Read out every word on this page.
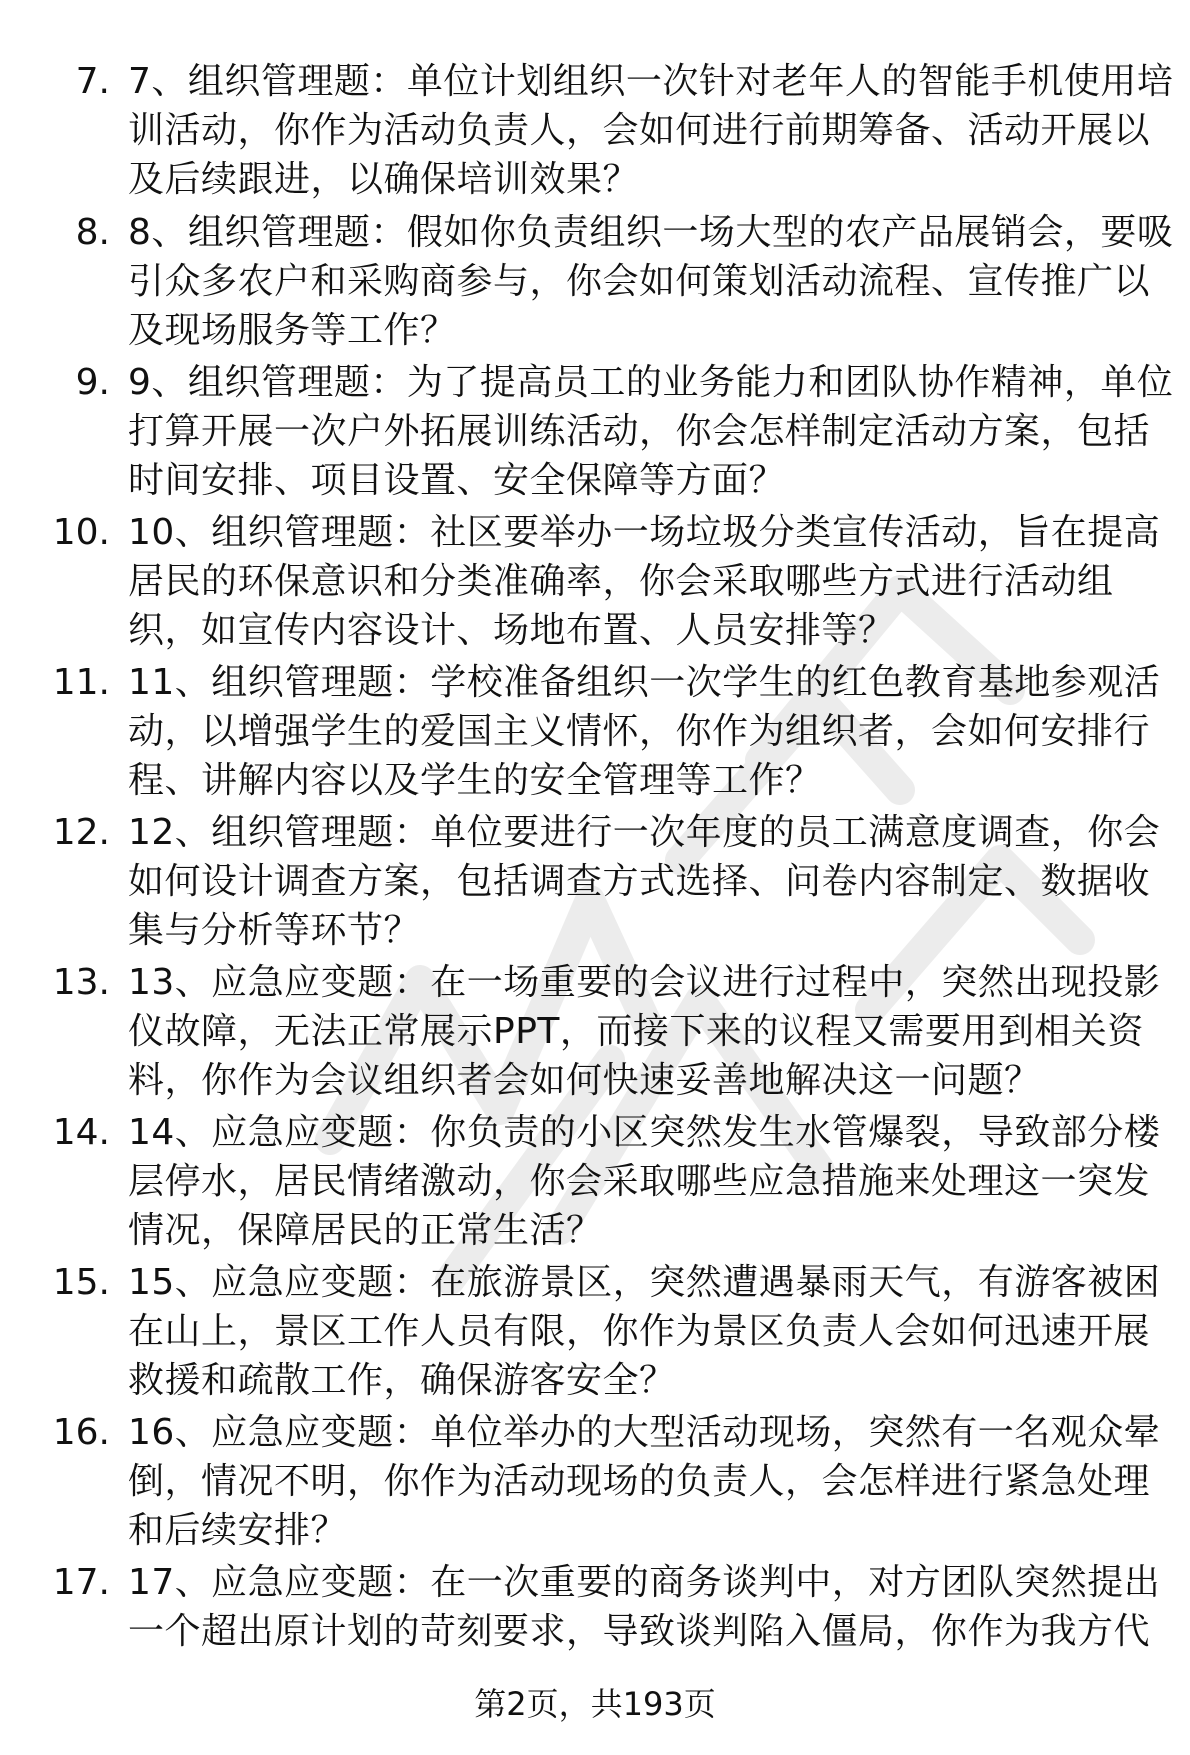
7. 7、组织管理题：单位计划组织一次针对老年人的智能手机使用培训活动，你作为活动负责人，会如何进行前期筹备、活动开展以及后续跟进，以确保培训效果？
8. 8、组织管理题：假如你负责组织一场大型的农产品展销会，要吸引众多农户和采购商参与，你会如何策划活动流程、宣传推广以及现场服务等工作？
9. 9、组织管理题：为了提高员工的业务能力和团队协作精神，单位打算开展一次户外拓展训练活动，你会怎样制定活动方案，包括时间安排、项目设置、安全保障等方面？
10. 10、组织管理题：社区要举办一场垃圾分类宣传活动，旨在提高居民的环保意识和分类准确率，你会采取哪些方式进行活动组织，如宣传内容设计、场地布置、人员安排等？
11. 11、组织管理题：学校准备组织一次学生的红色教育基地参观活动，以增强学生的爱国主义情怀，你作为组织者，会如何安排行程、讲解内容以及学生的安全管理等工作？
12. 12、组织管理题：单位要进行一次年度的员工满意度调查，你会如何设计调查方案，包括调查方式选择、问卷内容制定、数据收集与分析等环节？
13. 13、应急应变题：在一场重要的会议进行过程中，突然出现投影仪故障，无法正常展示PPT，而接下来的议程又需要用到相关资料，你作为会议组织者会如何快速妥善地解决这一问题？
14. 14、应急应变题：你负责的小区突然发生水管爆裂，导致部分楼层停水，居民情绪激动，你会采取哪些应急措施来处理这一突发情况，保障居民的正常生活？
15. 15、应急应变题：在旅游景区，突然遭遇暴雨天气，有游客被困在山上，景区工作人员有限，你作为景区负责人会如何迅速开展救援和疏散工作，确保游客安全？
16. 16、应急应变题：单位举办的大型活动现场，突然有一名观众晕倒，情况不明，你作为活动现场的负责人，会怎样进行紧急处理和后续安排？
17. 17、应急应变题：在一次重要的商务谈判中，对方团队突然提出一个超出原计划的苛刻要求，导致谈判陷入僵局，你作为我方代
第2页，共193页
